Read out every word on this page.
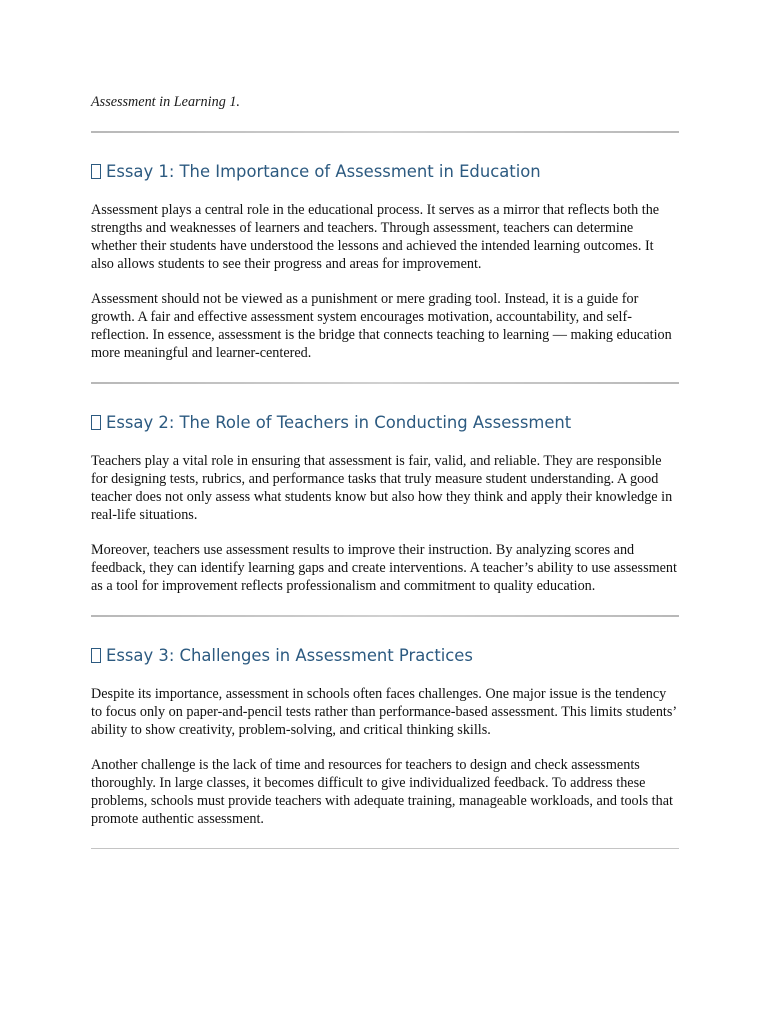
Assessment in Learning 1.

Essay 1: The Importance of Assessment in Education

Assessment plays a central role in the educational process. It serves as a mirror that reflects both the strengths and weaknesses of learners and teachers. Through assessment, teachers can determine whether their students have understood the lessons and achieved the intended learning outcomes. It also allows students to see their progress and areas for improvement.

Assessment should not be viewed as a punishment or mere grading tool. Instead, it is a guide for growth. A fair and effective assessment system encourages motivation, accountability, and self-reflection. In essence, assessment is the bridge that connects teaching to learning — making education more meaningful and learner-centered.

Essay 2: The Role of Teachers in Conducting Assessment

Teachers play a vital role in ensuring that assessment is fair, valid, and reliable. They are responsible for designing tests, rubrics, and performance tasks that truly measure student understanding. A good teacher does not only assess what students know but also how they think and apply their knowledge in real-life situations.

Moreover, teachers use assessment results to improve their instruction. By analyzing scores and feedback, they can identify learning gaps and create interventions. A teacher’s ability to use assessment as a tool for improvement reflects professionalism and commitment to quality education.

Essay 3: Challenges in Assessment Practices

Despite its importance, assessment in schools often faces challenges. One major issue is the tendency to focus only on paper-and-pencil tests rather than performance-based assessment. This limits students’ ability to show creativity, problem-solving, and critical thinking skills.

Another challenge is the lack of time and resources for teachers to design and check assessments thoroughly. In large classes, it becomes difficult to give individualized feedback. To address these problems, schools must provide teachers with adequate training, manageable workloads, and tools that promote authentic assessment.
